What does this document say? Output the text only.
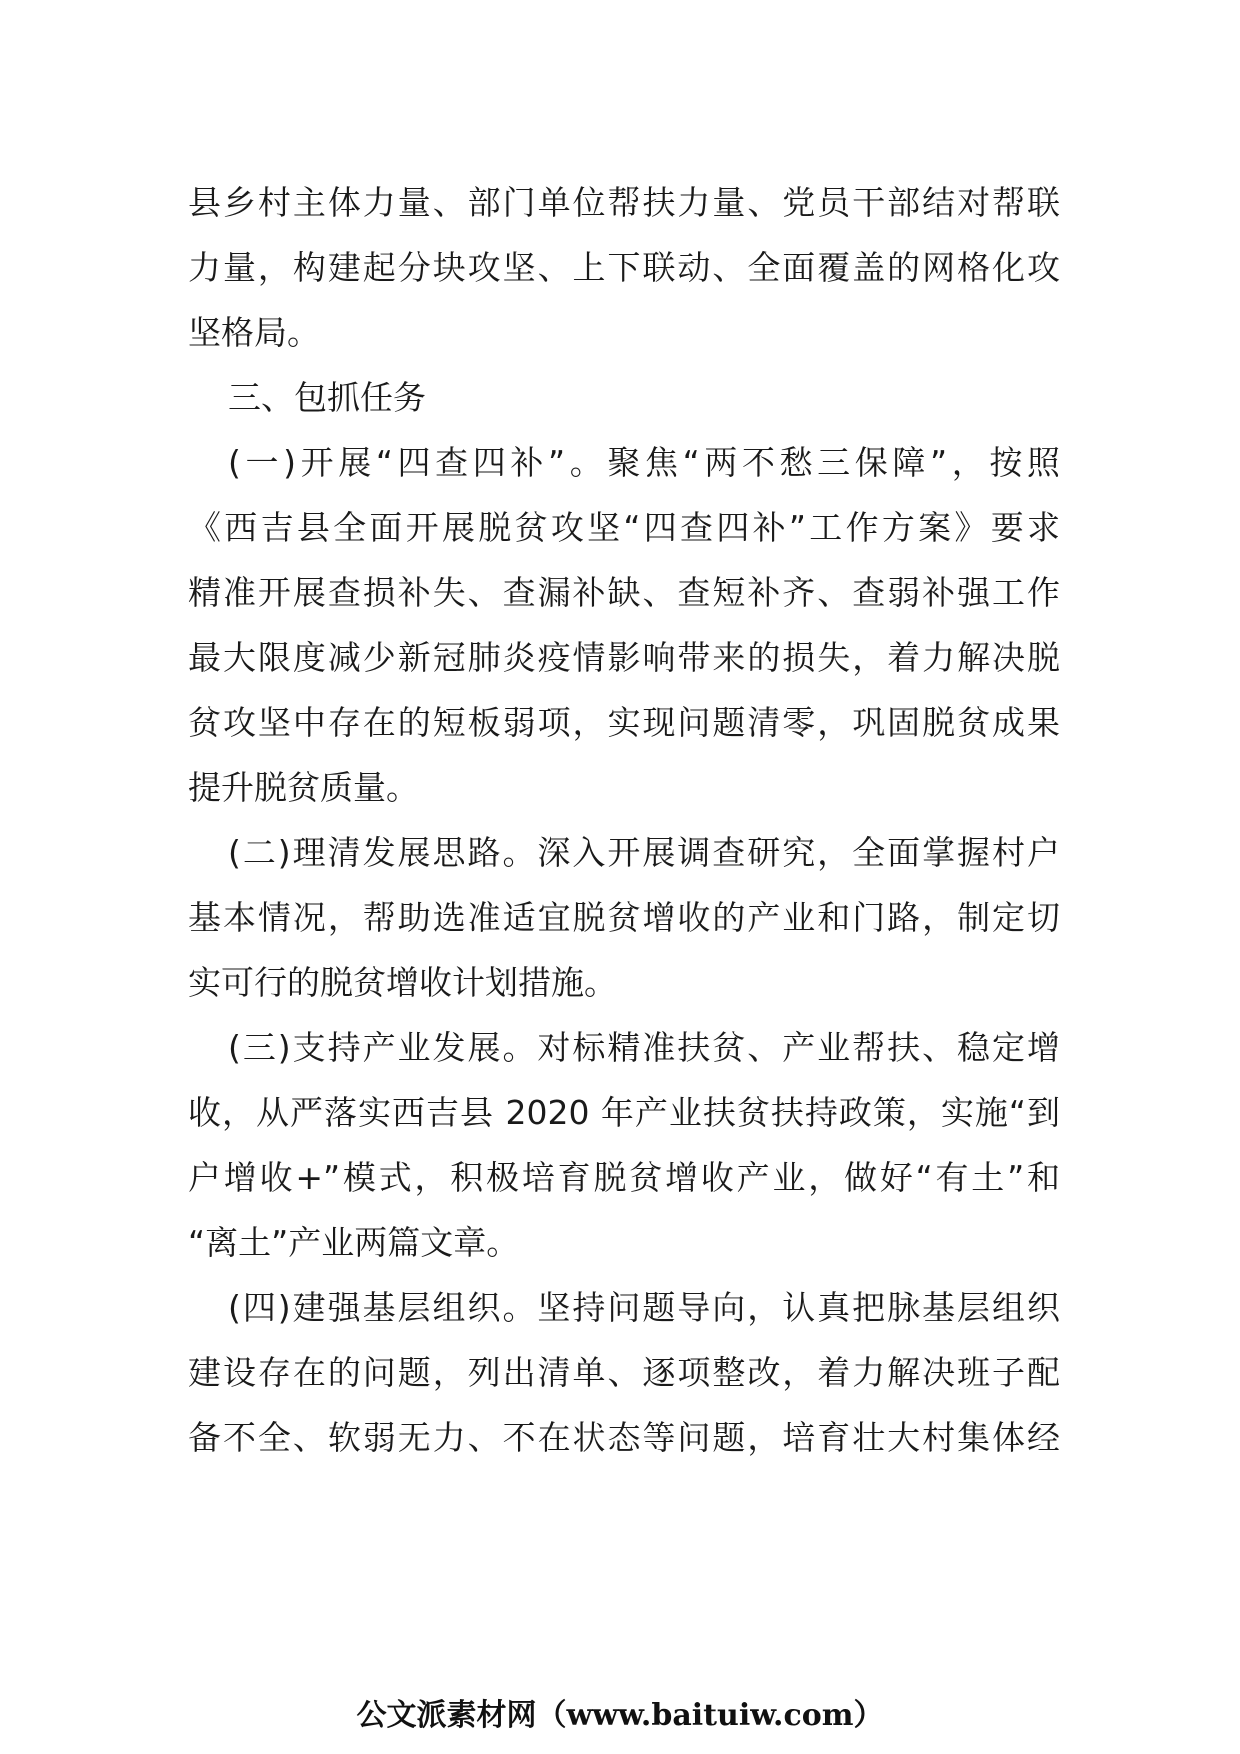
县乡村主体力量、部门单位帮扶力量、党员干部结对帮联
力量，构建起分块攻坚、上下联动、全面覆盖的网格化攻
坚格局。
三、包抓任务
(一)开展“四查四补”。聚焦“两不愁三保障”，按照
《西吉县全面开展脱贫攻坚“四查四补”工作方案》要求
精准开展查损补失、查漏补缺、查短补齐、查弱补强工作
最大限度减少新冠肺炎疫情影响带来的损失，着力解决脱
贫攻坚中存在的短板弱项，实现问题清零，巩固脱贫成果
提升脱贫质量。
(二)理清发展思路。深入开展调查研究，全面掌握村户
基本情况，帮助选准适宜脱贫增收的产业和门路，制定切
实可行的脱贫增收计划措施。
(三)支持产业发展。对标精准扶贫、产业帮扶、稳定增
收，从严落实西吉县 2020 年产业扶贫扶持政策，实施“到
户增收+”模式，积极培育脱贫增收产业，做好“有土”和
“离土”产业两篇文章。
(四)建强基层组织。坚持问题导向，认真把脉基层组织
建设存在的问题，列出清单、逐项整改，着力解决班子配
备不全、软弱无力、不在状态等问题，培育壮大村集体经
公文派素材网（www.baituiw.com）
